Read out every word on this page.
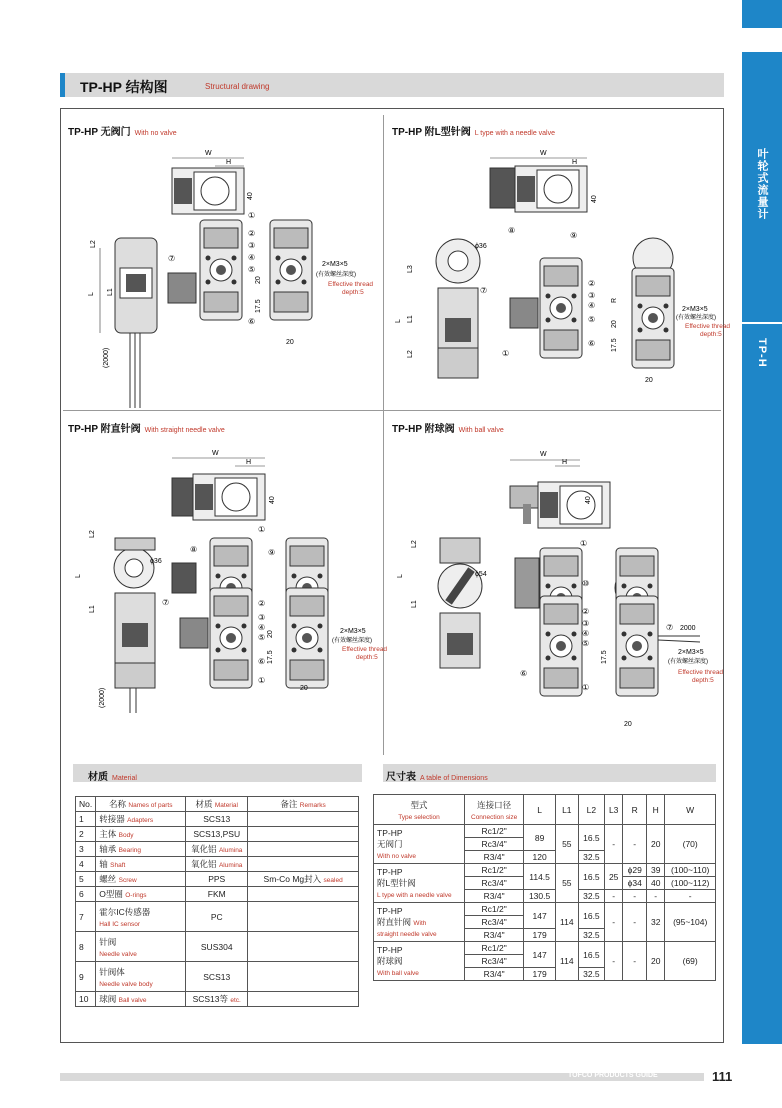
叶轮式流量计
TP-H
TP-HP 结构图	Structural drawing
TP-HP 无阀门 With no valve	TP-HP 附L型针阀 L type with a needle valve
TP-HP 附直针阀 With straight needle valve	TP-HP 附球阀 With ball valve
W
H
40
L L1
L2
(2000)
⑦
①
②
③
④
⑤
⑥
20
17.5
20
2×M3×5
(有效螺丝深度)
Effective thread
depth:5
W
H
40
ϕ36
⑧
⑨
L3
L L1
L2
⑦
①
②
③
④
⑤
⑥
R
20
17.5
20
2×M3×5
(有效螺丝深度)
Effective thread
depth:5
W
H
40
ϕ36
L
L1
L2
(2000)
⑦
⑧
①
⑨
②
③
④
⑤
⑥
①
20
17.5
20
2×M3×5
(有效螺丝深度)
Effective thread
depth:5
W
H
40
ϕ54
L
L1
L2	①
⑩
②
③
④
⑤
⑥
①
17.5
⑦ 2000
20
2×M3×5
(有效螺丝深度)
Effective thread
depth:5
材质 Material
No.	名称 Names of parts	材质 Material	备注 Remarks
1	转接器 Adapters	SCS13	
2	主体 Body	SCS13,PSU	
3	轴承 Bearing	氧化铝 Alumina	
4	轴 Shaft	氧化铝 Alumina	
5	螺丝 Screw	PPS	Sm-Co Mg封入 sealed
6	O型圈 O-rings	FKM	
7	霍尔IC传感器
Hall IC sensor	PC	
8	针阀
Needle valve	SUS304	
9	针阀体
Needle valve body	SCS13	
10	球阀 Ball valve	SCS13等 etc.	
尺寸表 A table of Dimensions
型式
Type selection	连接口径
Connection size	L	L1	L2	L3	R	H	W
TP-HP
无阀门
With no valve	Rc1/2"	89	55	16.5	-	-	20	(70)
	Rc3/4"							
	R3/4"	120		32.5				
TP-HP
附L型针阀
L type with a needle valve	Rc1/2"	114.5	55	16.5	25	ϕ29	39	(100~110)
	Rc3/4"					ϕ34	40	(100~112)
	R3/4"	130.5		32.5	-	-	-	-
TP-HP
附直针阀 With
straight needle valve	Rc1/2"	147	114	16.5	-	-	32	(95~104)
	Rc3/4"							
	R3/4"	179		32.5				
TP-HP
附球阀
With ball valve	Rc1/2"	147	114	16.5	-	-	20	(69)
	Rc3/4"							
	R3/4"	179		32.5				
TOFCO PRODUCTS GUIDE	111
